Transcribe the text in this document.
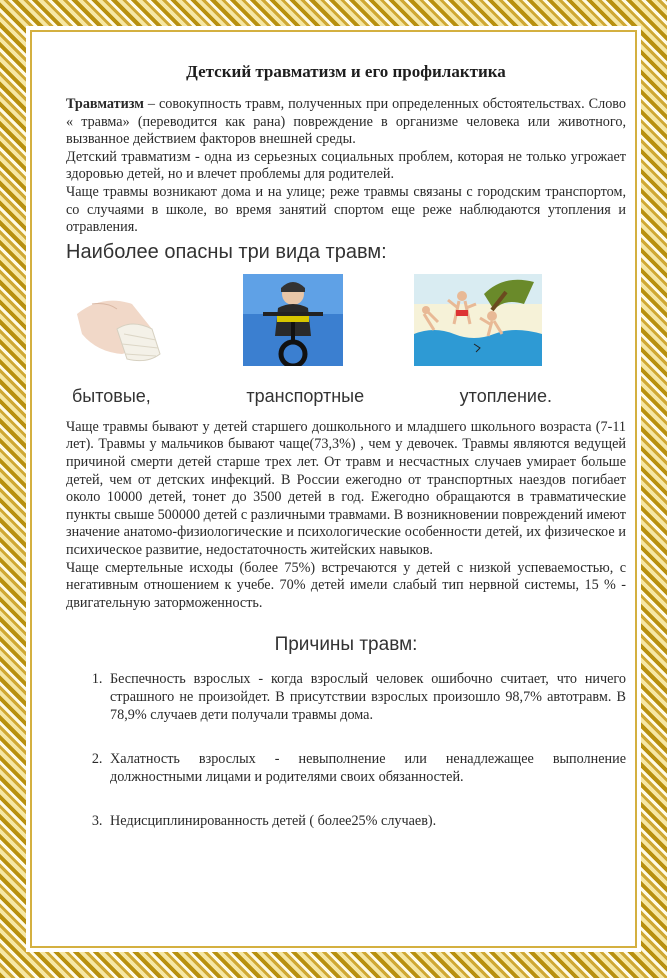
Детский травматизм и его профилактика

Травматизм – совокупность травм, полученных при определенных обстоятельствах. Слово « травма» (переводится как рана) повреждение в организме человека или животного, вызванное действием факторов внешней среды.

Детский травматизм - одна из серьезных социальных проблем, которая не только угрожает здоровью детей, но и влечет проблемы для родителей.

Чаще травмы возникают дома и на улице; реже травмы связаны с городским транспортом, со случаями в школе, во время занятий спортом еще реже наблюдаются утопления и отравления.

Наиболее опасны три вида травм:
бытовые,	транспортные	утопление.

Чаще травмы бывают у детей старшего дошкольного и младшего школьного возраста (7-11 лет). Травмы у мальчиков бывают чаще(73,3%) , чем у девочек. Травмы являются ведущей причиной смерти детей старше трех лет. От травм и несчастных случаев умирает больше детей, чем от детских инфекций. В России ежегодно от транспортных наездов погибает около 10000 детей, тонет до 3500 детей в год. Ежегодно обращаются в травматические пункты свыше 500000 детей с различными травмами. В возникновении повреждений имеют значение анатомо-физиологические и психологические особенности детей, их физическое и психическое развитие, недостаточность житейских навыков.

Чаще смертельные исходы (более 75%) встречаются у детей с низкой успеваемостью, с негативным отношением к учебе. 70% детей имели слабый тип нервной системы, 15 % - двигательную заторможенность.

Причины травм:
1. Беспечность взрослых - когда взрослый человек ошибочно считает, что ничего страшного не произойдет. В присутствии взрослых произошло 98,7% автотравм. В 78,9% случаев дети получали травмы дома.
2. Халатность взрослых - невыполнение или ненадлежащее выполнение должностными лицами и родителями своих обязанностей.
3. Недисциплинированность детей ( более25% случаев).
